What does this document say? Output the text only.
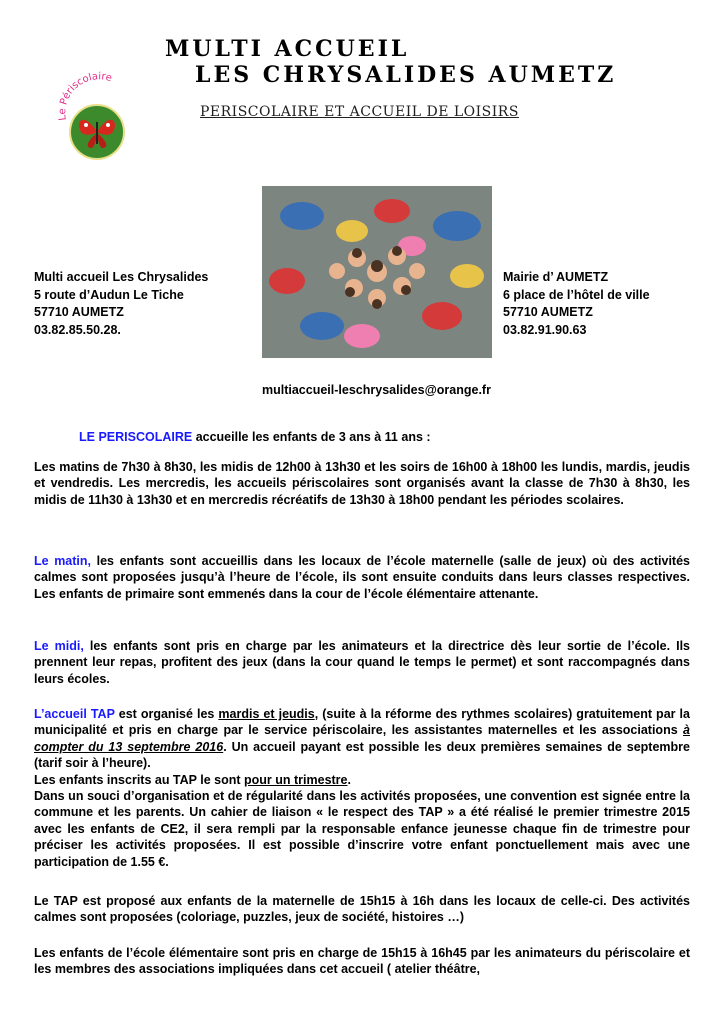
MULTI ACCUEIL
LES CHRYSALIDES AUMETZ
PERISCOLAIRE ET ACCUEIL DE LOISIRS
Le Périscolaire
Multi accueil Les Chrysalides
5 route d’Audun Le Tiche
57710 AUMETZ
03.82.85.50.28.
Mairie d’ AUMETZ
6 place de l’hôtel de ville
57710 AUMETZ
03.82.91.90.63
multiaccueil-leschrysalides@orange.fr
LE PERISCOLAIRE accueille les enfants de 3 ans à 11 ans :
Les matins de 7h30 à 8h30, les midis de 12h00 à 13h30 et les soirs de 16h00 à 18h00 les lundis, mardis, jeudis et vendredis. Les mercredis, les accueils périscolaires sont organisés avant la classe de 7h30 à 8h30, les midis de 11h30 à 13h30 et en mercredis récréatifs de 13h30 à 18h00 pendant les périodes scolaires.
Le matin, les enfants sont accueillis dans les locaux de l’école maternelle (salle de jeux) où des activités calmes sont proposées jusqu’à l’heure de l’école, ils sont ensuite conduits dans leurs classes respectives. Les enfants de primaire sont emmenés dans la cour de l’école élémentaire attenante.
Le midi, les enfants sont pris en charge par les animateurs et la directrice dès leur sortie de l’école. Ils prennent leur repas, profitent des jeux (dans la cour quand le temps le permet) et sont raccompagnés dans leurs écoles.
L’accueil TAP est organisé les mardis et jeudis, (suite à la réforme des rythmes scolaires) gratuitement par la municipalité et pris en charge par le service périscolaire, les assistantes maternelles et les associations à compter du 13 septembre 2016. Un accueil payant est possible les deux premières semaines de septembre (tarif soir à l’heure).
Les enfants inscrits au TAP le sont pour un trimestre.
Dans un souci d’organisation et de régularité dans les activités proposées, une convention est signée entre la commune et les parents. Un cahier de liaison « le respect des TAP » a été réalisé le premier trimestre 2015 avec les enfants de CE2, il sera rempli par la responsable enfance jeunesse chaque fin de trimestre pour préciser les activités proposées. Il est possible d’inscrire votre enfant ponctuellement mais avec une participation de 1.55 €.
Le TAP est proposé aux enfants de la maternelle de 15h15 à 16h dans les locaux de celle-ci. Des activités calmes sont proposées (coloriage, puzzles, jeux de société, histoires …)
Les enfants de l’école élémentaire sont pris en charge de 15h15 à 16h45 par les animateurs du périscolaire et les membres des associations impliquées dans cet accueil ( atelier théâtre,
